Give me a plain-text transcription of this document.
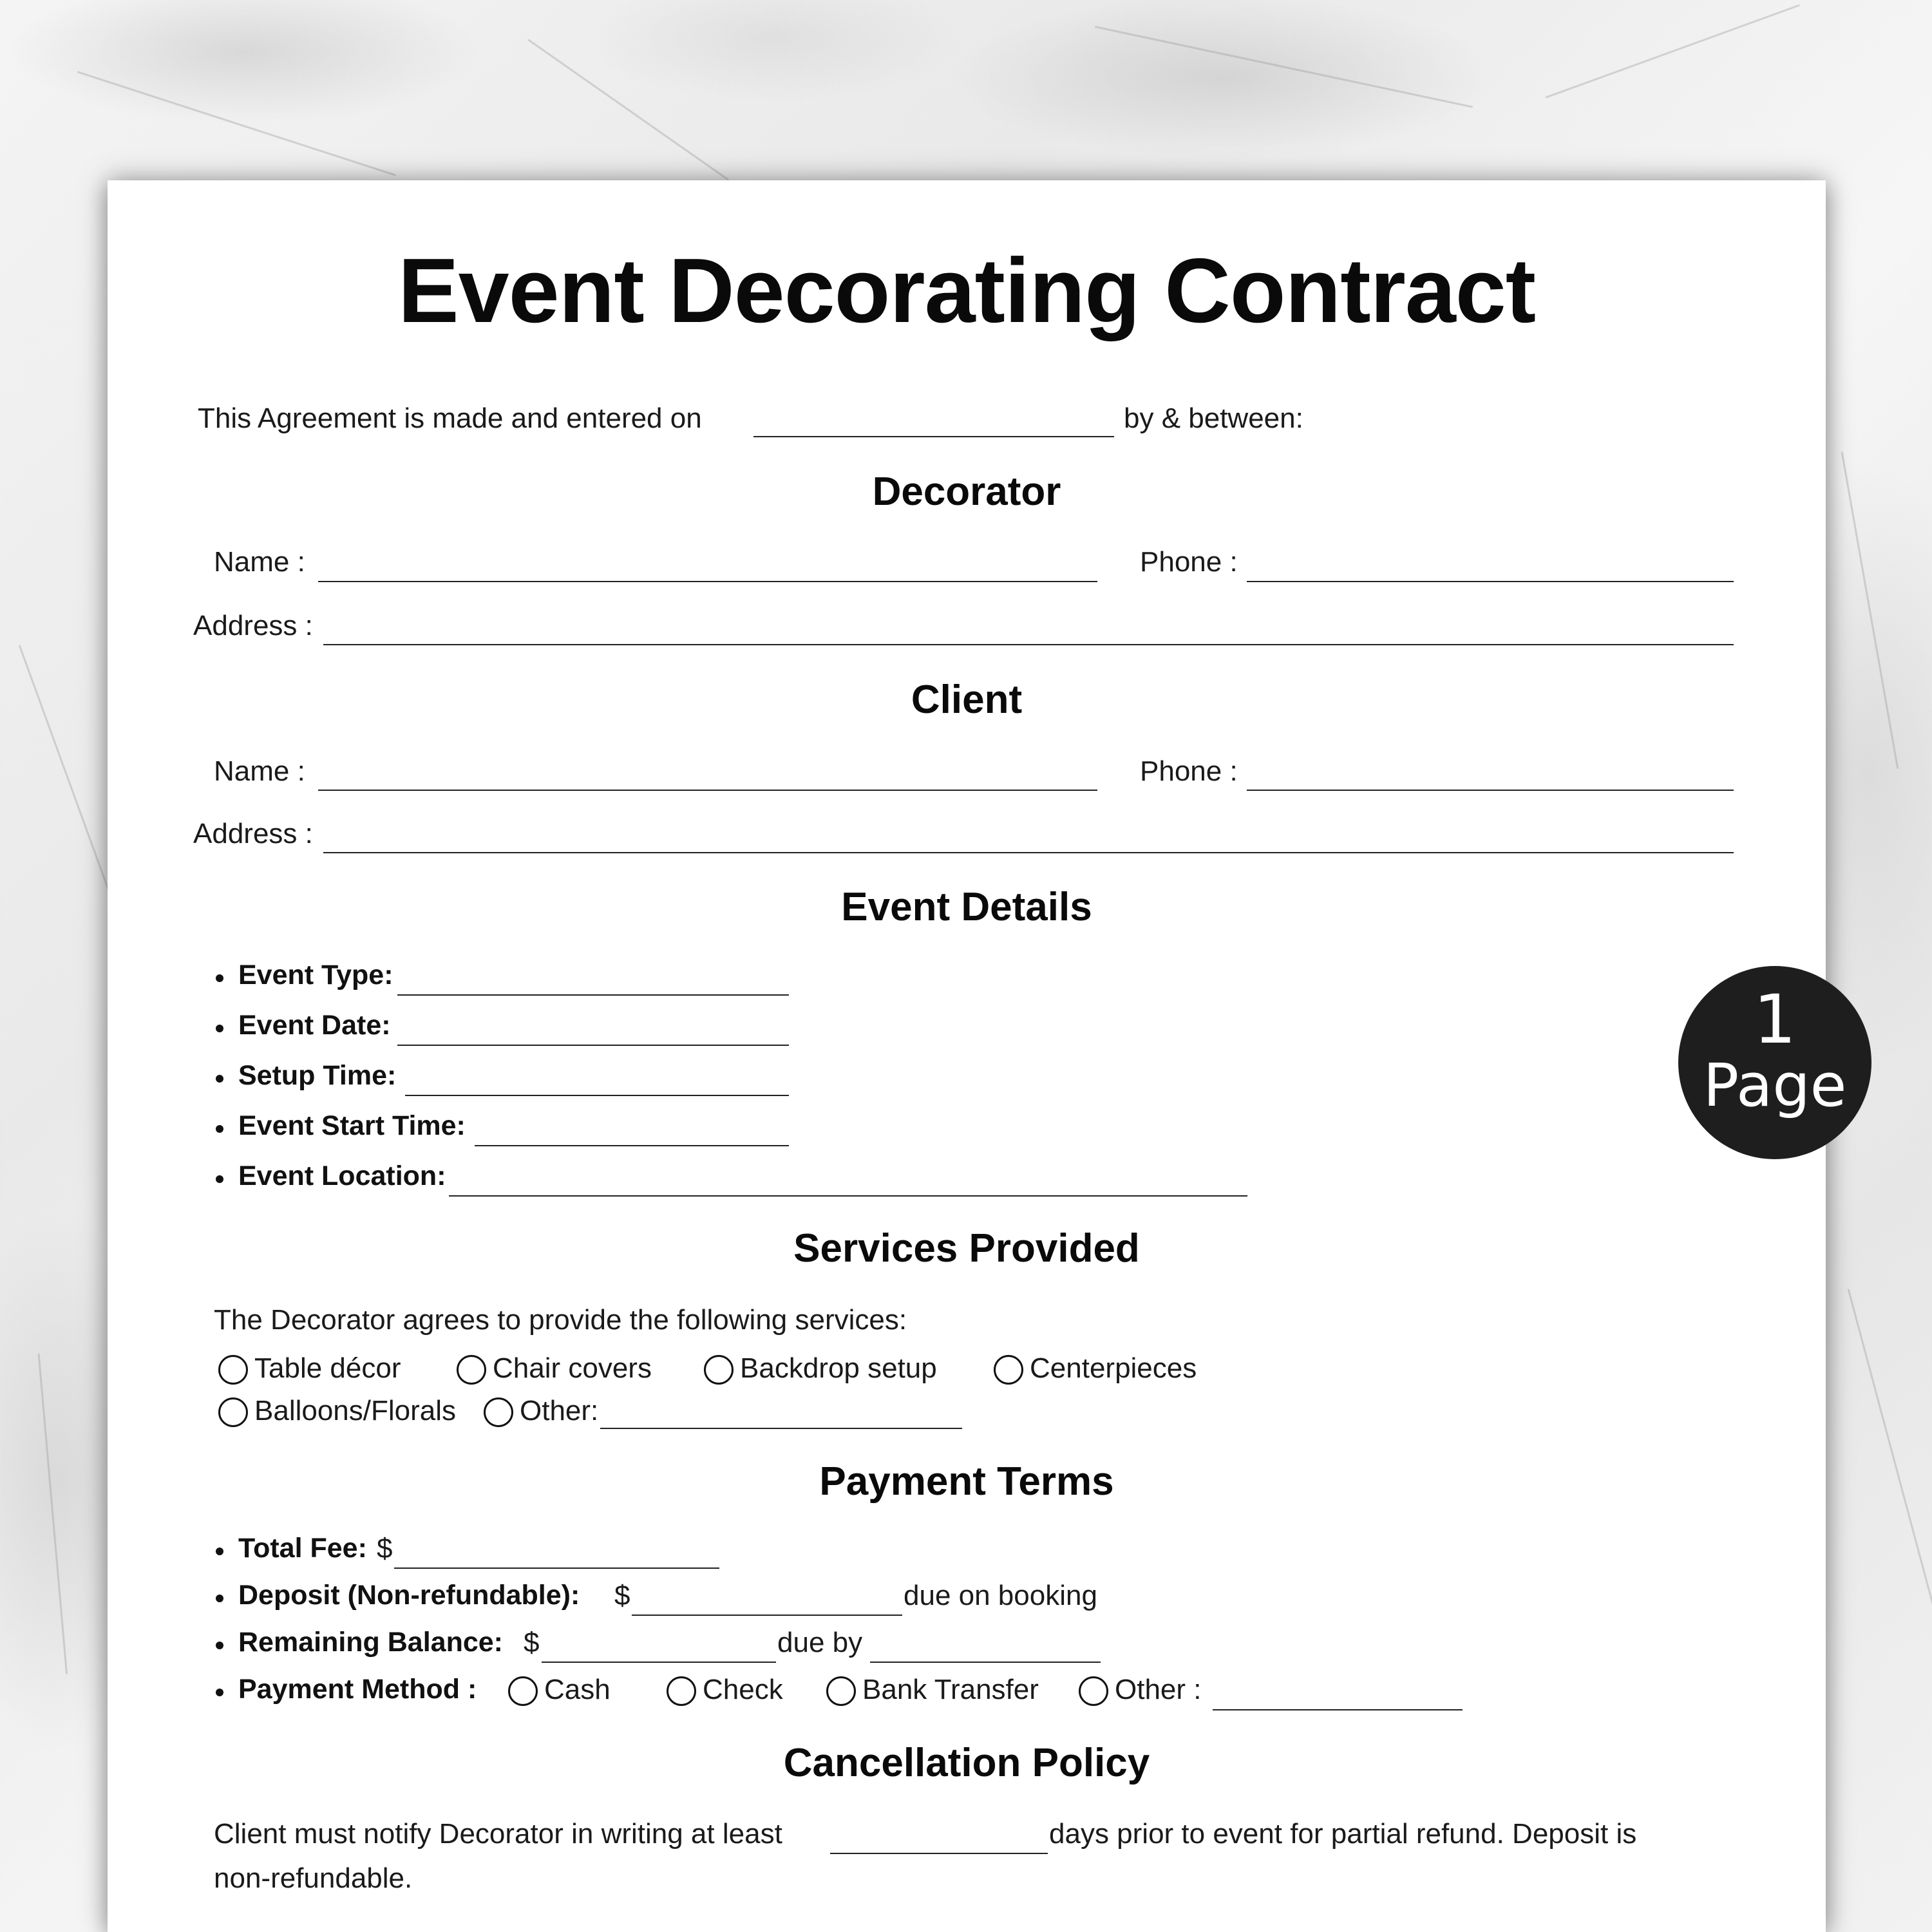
Event Decorating Contract
This Agreement is made and entered on	by & between:
Decorator
Name :	Phone :
Address :
Client
Name :	Phone :
Address :
Event Details
Event Type:
Event Date:
Setup Time:
Event Start Time:
Event Location:
Services Provided
The Decorator agrees to provide the following services:
Table décor	Chair covers	Backdrop setup	Centerpieces
Balloons/Florals Other:
Payment Terms
Total Fee: $
Deposit (Non-refundable): $	due on booking
Remaining Balance: $	due by
Payment Method : Cash	Check	Bank Transfer	Other :
Cancellation Policy
Client must notify Decorator in writing at least	days prior to event for partial refund. Deposit is
non-refundable.
1
Page
